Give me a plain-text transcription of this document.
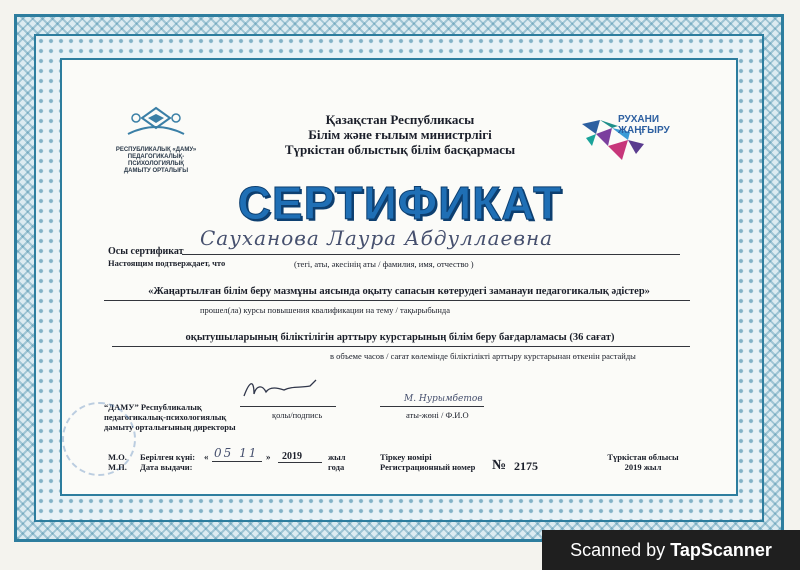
РЕСПУБЛИКАЛЫҚ «ДАМУ»
ПЕДАГОГИКАЛЫҚ-ПСИХОЛОГИЯЛЫҚ
ДАМЫТУ ОРТАЛЫҒЫ
РУХАНИ
ЖАҢҒЫРУ
Қазақстан Республикасы
Білім және ғылым министрлігі
Түркістан облыстық білім басқармасы
СЕРТИФИКАТ
Осы сертификат
Сауханова Лаура Абдуллаевна
Настоящим подтверждает, что	(тегі, аты, әкесінің аты / фамилия, имя, отчество )
«Жаңартылған білім беру мазмұны аясында оқыту сапасын көтерудегі заманауи педагогикалық әдістер»
прошел(ла) курсы повышения квалификации на тему / тақырыбында
оқытушыларының біліктілігін арттыру курстарының білім беру бағдарламасы (36 сағат)
в объеме часов / сағат көлемінде біліктілікті арттыру курстарынан өткенін растайды
“ДАМУ” Республикалық
педагогикалық-психологиялық
дамыту орталығының директоры
қолы/подпись
М. Нурымбетов
аты-жөні / Ф.И.О
М.О.
М.П.
Берілген күні:
Дата выдачи:
« 05 11 » 2019	жыл
года
Тіркеу номірі
Регистрационный номер № 2175
Түркістан облысы
2019 жыл
Scanned by TapScanner
